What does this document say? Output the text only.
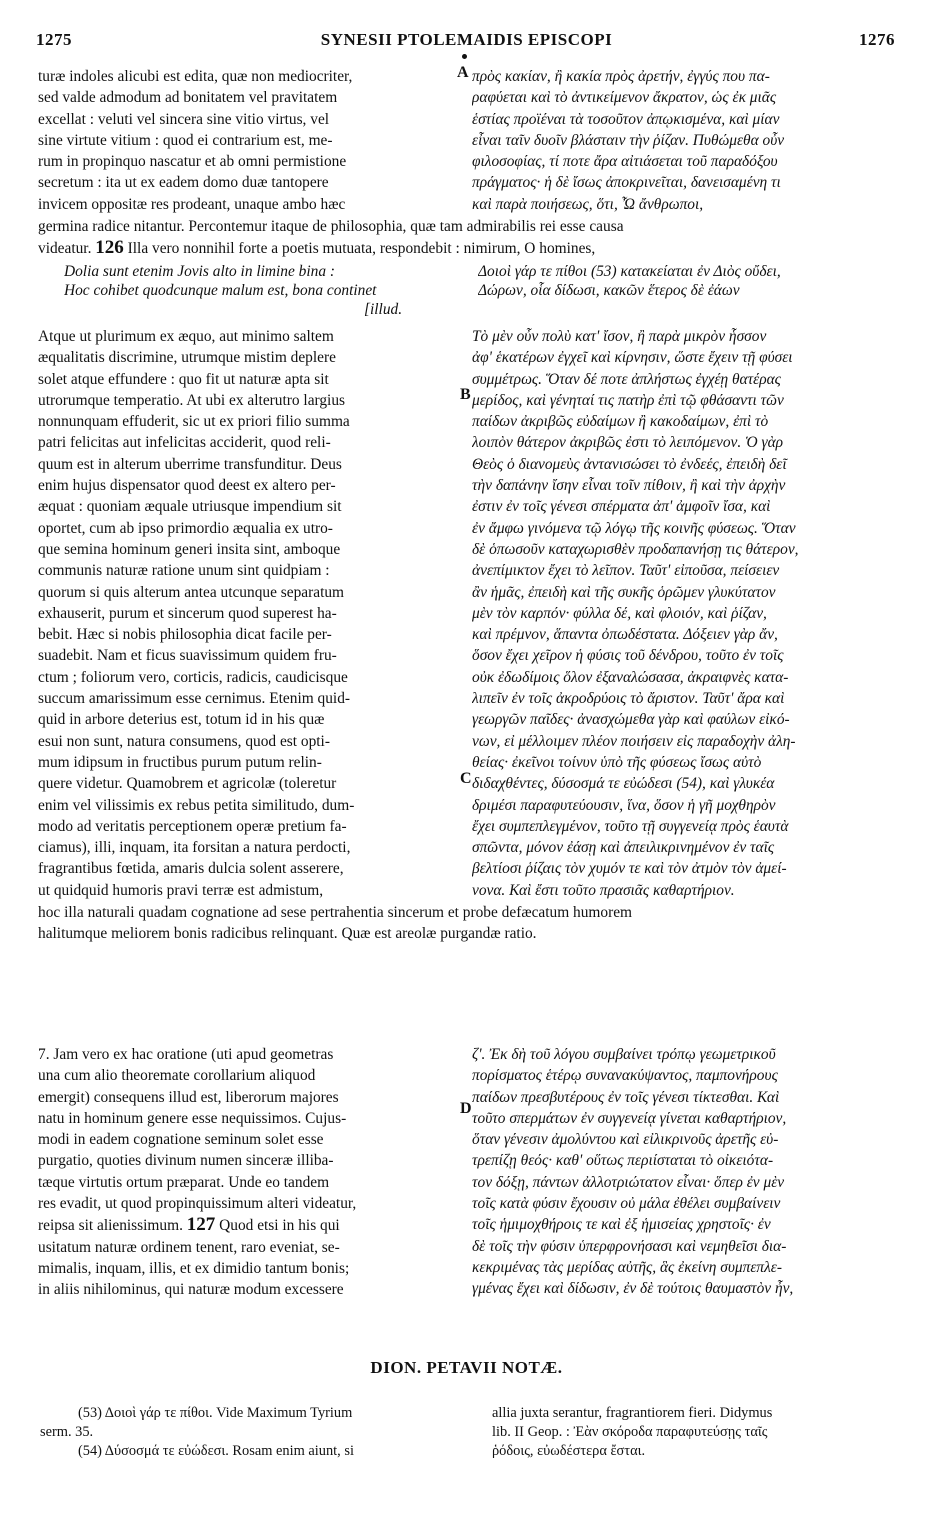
1275	SYNESII PTOLEMAIDIS EPISCOPI	1276
turæ indoles alicubi est edita, quæ non mediocriter,
sed valde admodum ad bonitatem vel pravitatem
excellat : veluti vel sincera sine vitio virtus, vel
sine virtute vitium : quod ei contrarium est, me-
rum in propinquo nascatur et ab omni permistione
secretum : ita ut ex eadem domo duæ tantopere
invicem oppositæ res prodeant, unaque ambo hæc
A πρὸς κακίαν, ἢ κακία πρὸς ἀρετήν, ἐγγύς που πα-
ραφύεται καὶ τὸ ἀντικείμενον ἄκρατον, ὡς ἐκ μιᾶς
ἑστίας προϊέναι τὰ τοσοῦτον ἀπῳκισμένα, καὶ μίαν
εἶναι ταῖν δυοῖν βλάσταιν τὴν ῥίζαν. Πυθώμεθα οὖν
φιλοσοφίας, τί ποτε ἄρα αἰτιάσεται τοῦ παραδόξου
πράγματος· ἡ δὲ ἴσως ἀποκρινεῖται, δανεισαμένη τι
καὶ παρὰ ποιήσεως, ὅτι, Ὦ ἄνθρωποι,
germina radice nitantur. Percontemur itaque de philosophia, quæ tam admirabilis rei esse causa
videatur. 126 Illa vero nonnihil forte a poetis mutuata, respondebit : nimirum, O homines,
Dolia sunt etenim Jovis alto in limine bina :
Hoc cohibet quodcunque malum est, bona continet
[illud.
Δοιοὶ γάρ τε πίθοι (53) κατακείαται ἐν Διὸς οὔδει,
Δώρων, οἷα δίδωσι, κακῶν ἕτερος δὲ ἐάων
Atque ut plurimum ex æquo, aut minimo saltem
æqualitatis discrimine, utrumque mistim deplere
solet atque effundere : quo fit ut naturæ apta sit
utrorumque temperatio. At ubi ex alterutro largius
nonnunquam effuderit, sic ut ex priori filio summa
patri felicitas aut infelicitas acciderit, quod reli-
quum est in alterum uberrime transfunditur. Deus
enim hujus dispensator quod deest ex altero per-
æquat : quoniam æquale utriusque impendium sit
oportet, cum ab ipso primordio æqualia ex utro-
que semina hominum generi insita sint, amboque
communis naturæ ratione unum sint quidpiam :
quorum si quis alterum antea utcunque separatum
exhauserit, purum et sincerum quod superest ha-
bebit. Hæc si nobis philosophia dicat facile per-
suadebit. Nam et ficus suavissimum quidem fru-
ctum ; foliorum vero, corticis, radicis, caudicisque
succum amarissimum esse cernimus. Etenim quid-
quid in arbore deterius est, totum id in his quæ
esui non sunt, natura consumens, quod est opti-
mum idipsum in fructibus purum putum relin-
quere videtur. Quamobrem et agricolæ (toleretur
enim vel vilissimis ex rebus petita similitudo, dum-
modo ad veritatis perceptionem operæ pretium fa-
ciamus), illi, inquam, ita forsitan a natura perdocti,
fragrantibus fœtida, amaris dulcia solent asserere,
ut quidquid humoris pravi terræ est admistum,
B
C
Τὸ μὲν οὖν πολὺ κατ' ἴσον, ἢ παρὰ μικρὸν ἧσσον
ἀφ' ἑκατέρων ἐγχεῖ καὶ κίρνησιν, ὥστε ἔχειν τῇ φύσει
συμμέτρως. Ὅταν δέ ποτε ἀπλήστως ἐγχέῃ θατέρας
μερίδος, καὶ γένηταί τις πατὴρ ἐπὶ τῷ φθάσαντι τῶν
παίδων ἀκριβῶς εὐδαίμων ἢ κακοδαίμων, ἐπὶ τὸ
λοιπὸν θάτερον ἀκριβῶς ἐστι τὸ λειπόμενον. Ὁ γὰρ
Θεὸς ὁ διανομεὺς ἀντανισώσει τὸ ἐνδεές, ἐπειδὴ δεῖ
τὴν δαπάνην ἴσην εἶναι τοῖν πίθοιν, ἢ καὶ τὴν ἀρχὴν
ἐστιν ἐν τοῖς γένεσι σπέρματα ἀπ' ἀμφοῖν ἴσα, καὶ
ἐν ἄμφω γινόμενα τῷ λόγῳ τῆς κοινῆς φύσεως. Ὅταν
δὲ ὁπωσοῦν καταχωρισθὲν προδαπανήσῃ τις θάτερον,
ἀνεπίμικτον ἔχει τὸ λεῖπον. Ταῦτ' εἰποῦσα, πείσειεν
ἂν ἡμᾶς, ἐπειδὴ καὶ τῆς συκῆς ὁρῶμεν γλυκύτατον
μὲν τὸν καρπόν· φύλλα δέ, καὶ φλοιόν, καὶ ῥίζαν,
καὶ πρέμνον, ἅπαντα ὀπωδέστατα. Δόξειεν γὰρ ἄν,
ὅσον ἔχει χεῖρον ἡ φύσις τοῦ δένδρου, τοῦτο ἐν τοῖς
οὐκ ἐδωδίμοις ὅλον ἐξαναλώσασα, ἀκραιφνὲς κατα-
λιπεῖν ἐν τοῖς ἀκροδρύοις τὸ ἄριστον. Ταῦτ' ἄρα καὶ
γεωργῶν παῖδες· ἀνασχώμεθα γὰρ καὶ φαύλων εἰκό-
νων, εἰ μέλλοιμεν πλέον ποιήσειν εἰς παραδοχὴν ἀλη-
θείας· ἐκεῖνοι τοίνυν ὑπὸ τῆς φύσεως ἴσως αὐτὸ
διδαχθέντες, δύσοσμά τε εὐώδεσι (54), καὶ γλυκέα
δριμέσι παραφυτεύουσιν, ἵνα, ὅσον ἡ γῆ μοχθηρὸν
ἔχει συμπεπλεγμένον, τοῦτο τῇ συγγενείᾳ πρὸς ἑαυτὰ
σπῶντα, μόνον ἐάσῃ καὶ ἀπειλικρινημένον ἐν ταῖς
βελτίοσι ῥίζαις τὸν χυμόν τε καὶ τὸν ἀτμὸν τὸν ἀμεί-
νονα. Καὶ ἔστι τοῦτο πρασιᾶς καθαρτήριον.
hoc illa naturali quadam cognatione ad sese pertrahentia sincerum et probe defæcatum humorem
halitumque meliorem bonis radicibus relinquant. Quæ est areolæ purgandæ ratio.
7. Jam vero ex hac oratione (uti apud geometras
una cum alio theoremate corollarium aliquod
emergit) consequens illud est, liberorum majores
natu in hominum genere esse nequissimos. Cujus-
modi in eadem cognatione seminum solet esse
purgatio, quoties divinum numen sinceræ illiba-
tæque virtutis ortum præparat. Unde eo tandem
res evadit, ut quod propinquissimum alteri videatur,
reipsa sit alienissimum. 127 Quod etsi in his qui
usitatum naturæ ordinem tenent, raro eveniat, se-
mimalis, inquam, illis, et ex dimidio tantum bonis;
in aliis nihilominus, qui naturæ modum excessere
D
ζ'. Ἐκ δὴ τοῦ λόγου συμβαίνει τρόπῳ γεωμετρικοῦ
πορίσματος ἑτέρῳ συνανακύψαντος, παμπονήρους
παίδων πρεσβυτέρους ἐν τοῖς γένεσι τίκτεσθαι. Καὶ
τοῦτο σπερμάτων ἐν συγγενείᾳ γίνεται καθαρτήριον,
ὅταν γένεσιν ἀμολύντου καὶ εἰλικρινοῦς ἀρετῆς εὐ-
τρεπίζῃ θεός· καθ' οὕτως περιίσταται τὸ οἰκειότα-
τον δόξῃ, πάντων ἀλλοτριώτατον εἶναι· ὅπερ ἐν μὲν
τοῖς κατὰ φύσιν ἔχουσιν οὐ μάλα ἐθέλει συμβαίνειν
τοῖς ἡμιμοχθήροις τε καὶ ἐξ ἡμισείας χρηστοῖς· ἐν
δὲ τοῖς τὴν φύσιν ὑπερφρονήσασι καὶ νεμηθεῖσι δια-
κεκριμένας τὰς μερίδας αὐτῆς, ἃς ἐκείνη συμπεπλε-
γμένας ἔχει καὶ δίδωσιν, ἐν δὲ τούτοις θαυμαστὸν ἦν,
DION. PETAVII NOTÆ.
(53) Δοιοὶ γάρ τε πίθοι. Vide Maximum Tyrium
serm. 35.
(54) Δύσοσμά τε εὐώδεσι. Rosam enim aiunt, si
allia juxta serantur, fragrantiorem fieri. Didymus
lib. II Geop. : Ἐὰν σκόροδα παραφυτεύσῃς ταῖς
ῥόδοις, εὐωδέστερα ἔσται.
